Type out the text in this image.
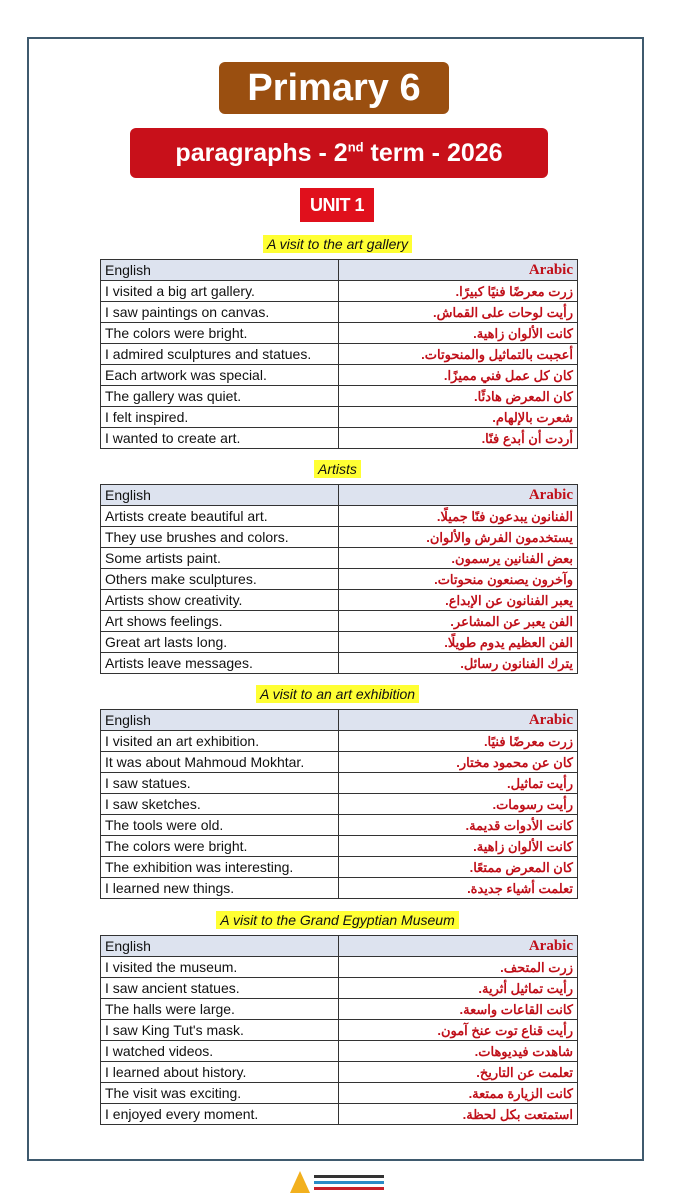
Primary 6
paragraphs - 2nd term - 2026
UNIT 1
A visit to the art gallery
English	Arabic
I visited a big art gallery.	زرت معرضًا فنيًا كبيرًا.
I saw paintings on canvas.	رأيت لوحات على القماش.
The colors were bright.	كانت الألوان زاهية.
I admired sculptures and statues.	أعجبت بالتماثيل والمنحوتات.
Each artwork was special.	كان كل عمل فني مميزًا.
The gallery was quiet.	كان المعرض هادئًا.
I felt inspired.	شعرت بالإلهام.
I wanted to create art.	أردت أن أبدع فنًا.
Artists
English	Arabic
Artists create beautiful art.	الفنانون يبدعون فنًا جميلًا.
They use brushes and colors.	يستخدمون الفرش والألوان.
Some artists paint.	بعض الفنانين يرسمون.
Others make sculptures.	وآخرون يصنعون منحوتات.
Artists show creativity.	يعبر الفنانون عن الإبداع.
Art shows feelings.	الفن يعبر عن المشاعر.
Great art lasts long.	الفن العظيم يدوم طويلًا.
Artists leave messages.	يترك الفنانون رسائل.
A visit to an art exhibition
English	Arabic
I visited an art exhibition.	زرت معرضًا فنيًا.
It was about Mahmoud Mokhtar.	كان عن محمود مختار.
I saw statues.	رأيت تماثيل.
I saw sketches.	رأيت رسومات.
The tools were old.	كانت الأدوات قديمة.
The colors were bright.	كانت الألوان زاهية.
The exhibition was interesting.	كان المعرض ممتعًا.
I learned new things.	تعلمت أشياء جديدة.
A visit to the Grand Egyptian Museum
English	Arabic
I visited the museum.	زرت المتحف.
I saw ancient statues.	رأيت تماثيل أثرية.
The halls were large.	كانت القاعات واسعة.
I saw King Tut's mask.	رأيت قناع توت عنخ آمون.
I watched videos.	شاهدت فيديوهات.
I learned about history.	تعلمت عن التاريخ.
The visit was exciting.	كانت الزيارة ممتعة.
I enjoyed every moment.	استمتعت بكل لحظة.
